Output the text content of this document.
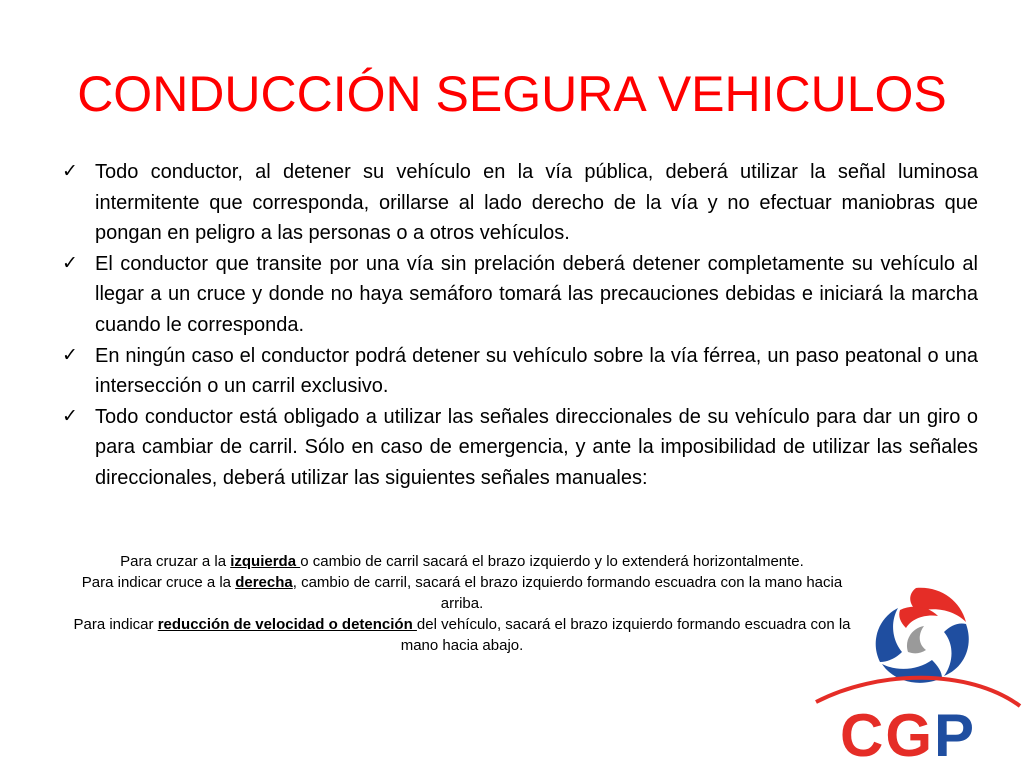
CONDUCCIÓN SEGURA VEHICULOS
✓ Todo conductor, al detener su vehículo en la vía pública, deberá utilizar la señal luminosa intermitente que corresponda, orillarse al lado derecho de la vía y no efectuar maniobras que pongan en peligro a las personas o a otros vehículos.
✓ El conductor que transite por una vía sin prelación deberá detener completamente su vehículo al llegar a un cruce y donde no haya semáforo tomará las precauciones debidas e iniciará la marcha cuando le corresponda.
✓ En ningún caso el conductor podrá detener su vehículo sobre la vía férrea, un paso peatonal o una intersección o un carril exclusivo.
✓ Todo conductor está obligado a utilizar las señales direccionales de su vehículo para dar un giro o para cambiar de carril. Sólo en caso de emergencia, y ante la imposibilidad de utilizar las señales direccionales, deberá utilizar las siguientes señales manuales:

Para cruzar a la izquierda o cambio de carril sacará el brazo izquierdo y lo extenderá horizontalmente.

Para indicar cruce a la derecha, cambio de carril, sacará el brazo izquierdo formando escuadra con la mano hacia arriba.

Para indicar reducción de velocidad o detención del vehículo, sacará el brazo izquierdo formando escuadra con la mano hacia abajo.

CGP
